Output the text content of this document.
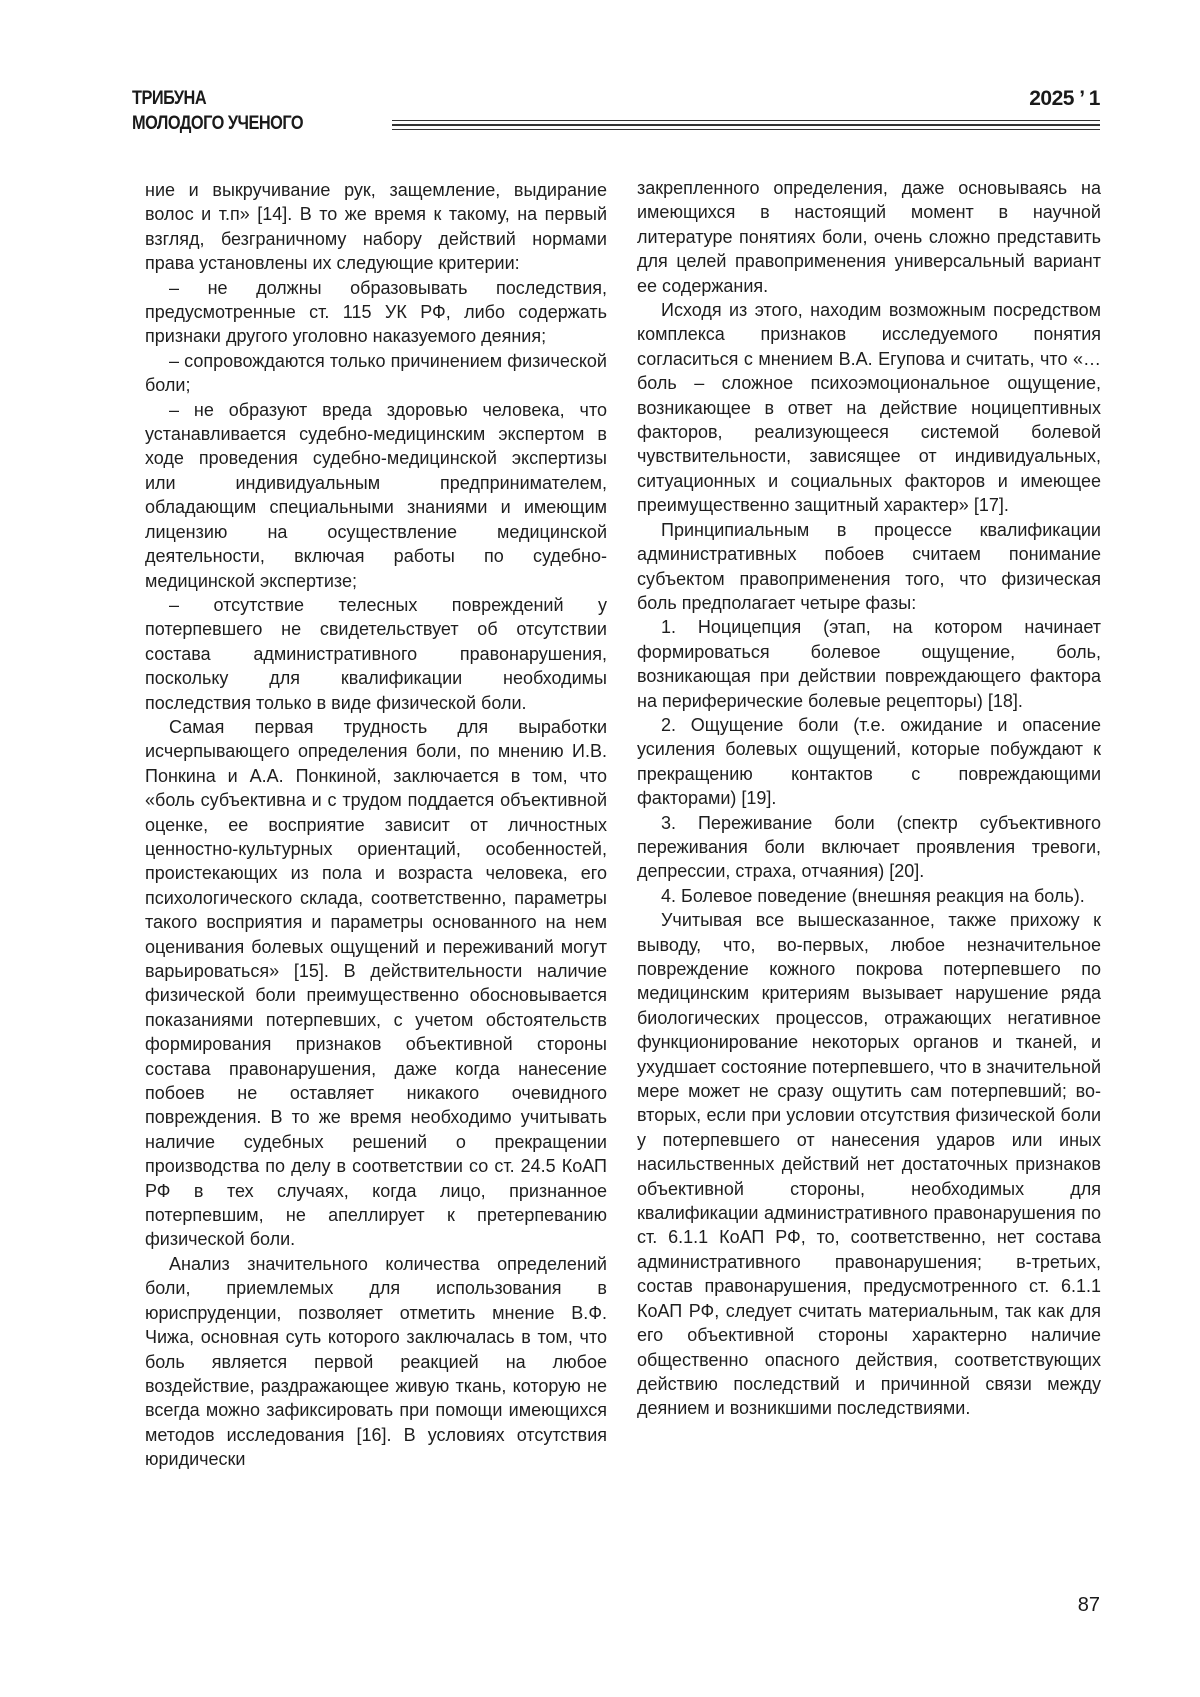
ТРИБУНА
МОЛОДОГО УЧЕНОГО
2025 ’ 1

ние и выкручивание рук, защемление, выдирание волос и т.п» [14]. В то же время к такому, на первый взгляд, безграничному набору действий нормами права установлены их следующие критерии:

– не должны образовывать последствия, предусмотренные ст. 115 УК РФ, либо содержать признаки другого уголовно наказуемого деяния;

– сопровождаются только причинением физической боли;

– не образуют вреда здоровью человека, что устанавливается судебно-медицинским экспертом в ходе проведения судебно-медицинской экспертизы или индивидуальным предпринимателем, обладающим специальными знаниями и имеющим лицензию на осуществление медицинской деятельности, включая работы по судебно-медицинской экспертизе;

– отсутствие телесных повреждений у потерпевшего не свидетельствует об отсутствии состава административного правонарушения, поскольку для квалификации необходимы последствия только в виде физической боли.

Самая первая трудность для выработки исчерпывающего определения боли, по мнению И.В. Понкина и А.А. Понкиной, заключается в том, что «боль субъективна и с трудом поддается объективной оценке, ее восприятие зависит от личностных ценностно-культурных ориентаций, особенностей, проистекающих из пола и возраста человека, его психологического склада, соответственно, параметры такого восприятия и параметры основанного на нем оценивания болевых ощущений и переживаний могут варьироваться» [15]. В действительности наличие физической боли преимущественно обосновывается показаниями потерпевших, с учетом обстоятельств формирования признаков объективной стороны состава правонарушения, даже когда нанесение побоев не оставляет никакого очевидного повреждения. В то же время необходимо учитывать наличие судебных решений о прекращении производства по делу в соответствии со ст. 24.5 КоАП РФ в тех случаях, когда лицо, признанное потерпевшим, не апеллирует к претерпеванию физической боли.

Анализ значительного количества определений боли, приемлемых для использования в юриспруденции, позволяет отметить мнение В.Ф. Чижа, основная суть которого заключалась в том, что боль является первой реакцией на любое воздействие, раздражающее живую ткань, которую не всегда можно зафиксировать при помощи имеющихся методов исследования [16]. В условиях отсутствия юридически

закрепленного определения, даже основываясь на имеющихся в настоящий момент в научной литературе понятиях боли, очень сложно представить для целей правоприменения универсальный вариант ее содержания.

Исходя из этого, находим возможным посредством комплекса признаков исследуемого понятия согласиться с мнением В.А. Егупова и считать, что «…боль – сложное психоэмоциональное ощущение, возникающее в ответ на действие ноцицептивных факторов, реализующееся системой болевой чувствительности, зависящее от индивидуальных, ситуационных и социальных факторов и имеющее преимущественно защитный характер» [17].

Принципиальным в процессе квалификации административных побоев считаем понимание субъектом правоприменения того, что физическая боль предполагает четыре фазы:

1. Ноцицепция (этап, на котором начинает формироваться болевое ощущение, боль, возникающая при действии повреждающего фактора на периферические болевые рецепторы) [18].

2. Ощущение боли (т.е. ожидание и опасение усиления болевых ощущений, которые побуждают к прекращению контактов с повреждающими факторами) [19].

3. Переживание боли (спектр субъективного переживания боли включает проявления тревоги, депрессии, страха, отчаяния) [20].

4. Болевое поведение (внешняя реакция на боль).

Учитывая все вышесказанное, также прихожу к выводу, что, во-первых, любое незначительное повреждение кожного покрова потерпевшего по медицинским критериям вызывает нарушение ряда биологических процессов, отражающих негативное функционирование некоторых органов и тканей, и ухудшает состояние потерпевшего, что в значительной мере может не сразу ощутить сам потерпевший; во-вторых, если при условии отсутствия физической боли у потерпевшего от нанесения ударов или иных насильственных действий нет достаточных признаков объективной стороны, необходимых для квалификации административного правонарушения по ст. 6.1.1 КоАП РФ, то, соответственно, нет состава административного правонарушения; в-третьих, состав правонарушения, предусмотренного ст. 6.1.1 КоАП РФ, следует считать материальным, так как для его объективной стороны характерно наличие общественно опасного действия, соответствующих действию последствий и причинной связи между деянием и возникшими последствиями.

87
